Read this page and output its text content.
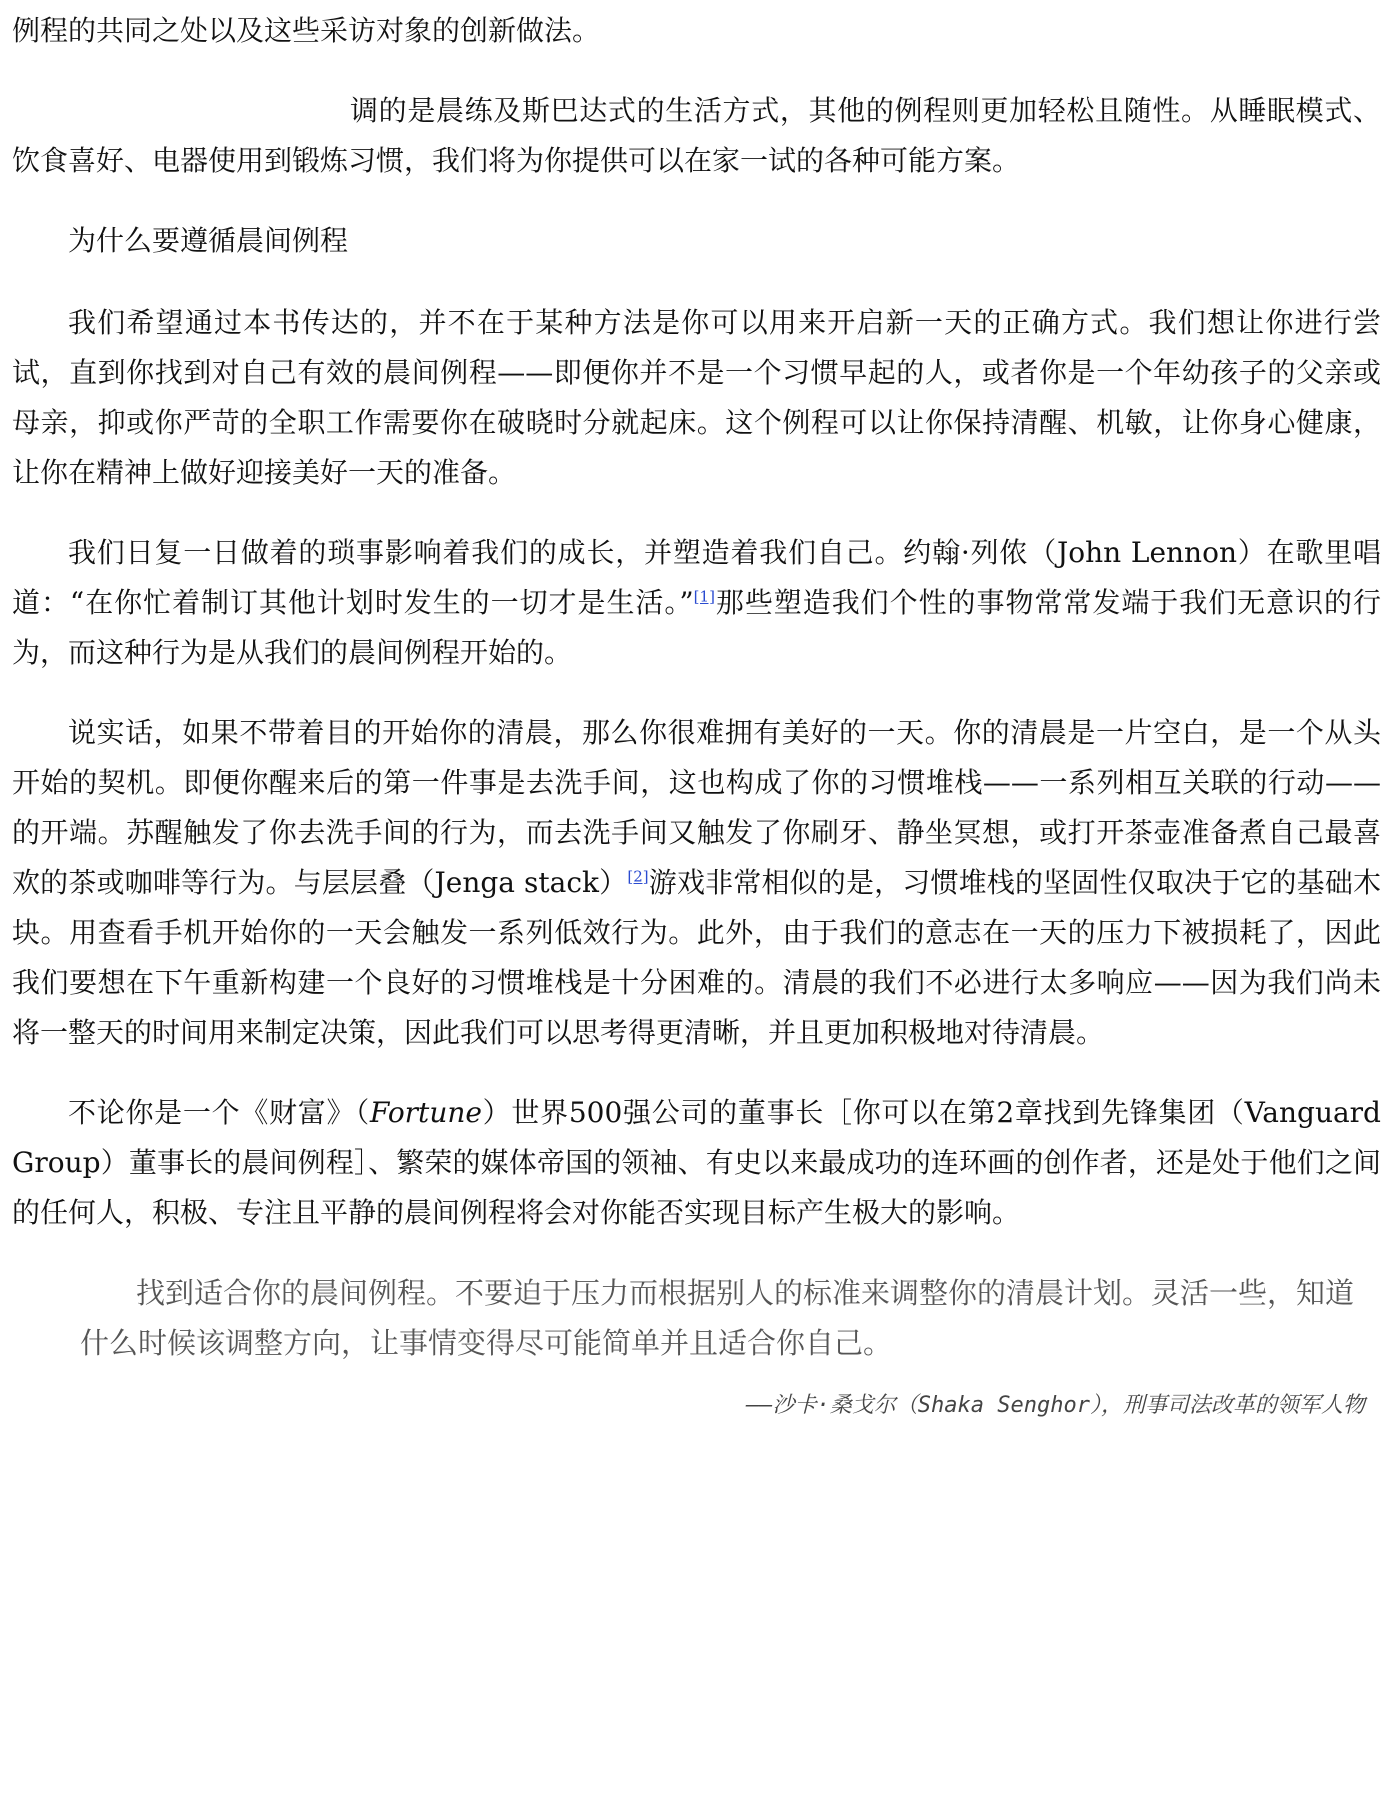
例程的共同之处以及这些采访对象的创新做法。

调的是晨练及斯巴达式的生活方式，其他的例程则更加轻松且随性。从睡眠模式、饮食喜好、电器使用到锻炼习惯，我们将为你提供可以在家一试的各种可能方案。

为什么要遵循晨间例程

我们希望通过本书传达的，并不在于某种方法是你可以用来开启新一天的正确方式。我们想让你进行尝试，直到你找到对自己有效的晨间例程——即便你并不是一个习惯早起的人，或者你是一个年幼孩子的父亲或母亲，抑或你严苛的全职工作需要你在破晓时分就起床。这个例程可以让你保持清醒、机敏，让你身心健康，让你在精神上做好迎接美好一天的准备。

我们日复一日做着的琐事影响着我们的成长，并塑造着我们自己。约翰·列侬（John Lennon）在歌里唱道：“在你忙着制订其他计划时发生的一切才是生活。”[1]那些塑造我们个性的事物常常发端于我们无意识的行为，而这种行为是从我们的晨间例程开始的。

说实话，如果不带着目的开始你的清晨，那么你很难拥有美好的一天。你的清晨是一片空白，是一个从头开始的契机。即便你醒来后的第一件事是去洗手间，这也构成了你的习惯堆栈——一系列相互关联的行动——的开端。苏醒触发了你去洗手间的行为，而去洗手间又触发了你刷牙、静坐冥想，或打开茶壶准备煮自己最喜欢的茶或咖啡等行为。与层层叠（Jenga stack）[2]游戏非常相似的是，习惯堆栈的坚固性仅取决于它的基础木块。用查看手机开始你的一天会触发一系列低效行为。此外，由于我们的意志在一天的压力下被损耗了，因此我们要想在下午重新构建一个良好的习惯堆栈是十分困难的。清晨的我们不必进行太多响应——因为我们尚未将一整天的时间用来制定决策，因此我们可以思考得更清晰，并且更加积极地对待清晨。

不论你是一个《财富》（Fortune）世界500强公司的董事长［你可以在第2章找到先锋集团（Vanguard Group）董事长的晨间例程］、繁荣的媒体帝国的领袖、有史以来最成功的连环画的创作者，还是处于他们之间的任何人，积极、专注且平静的晨间例程将会对你能否实现目标产生极大的影响。

找到适合你的晨间例程。不要迫于压力而根据别人的标准来调整你的清晨计划。灵活一些，知道什么时候该调整方向，让事情变得尽可能简单并且适合你自己。

——沙卡·桑戈尔（Shaka Senghor），刑事司法改革的领军人物
